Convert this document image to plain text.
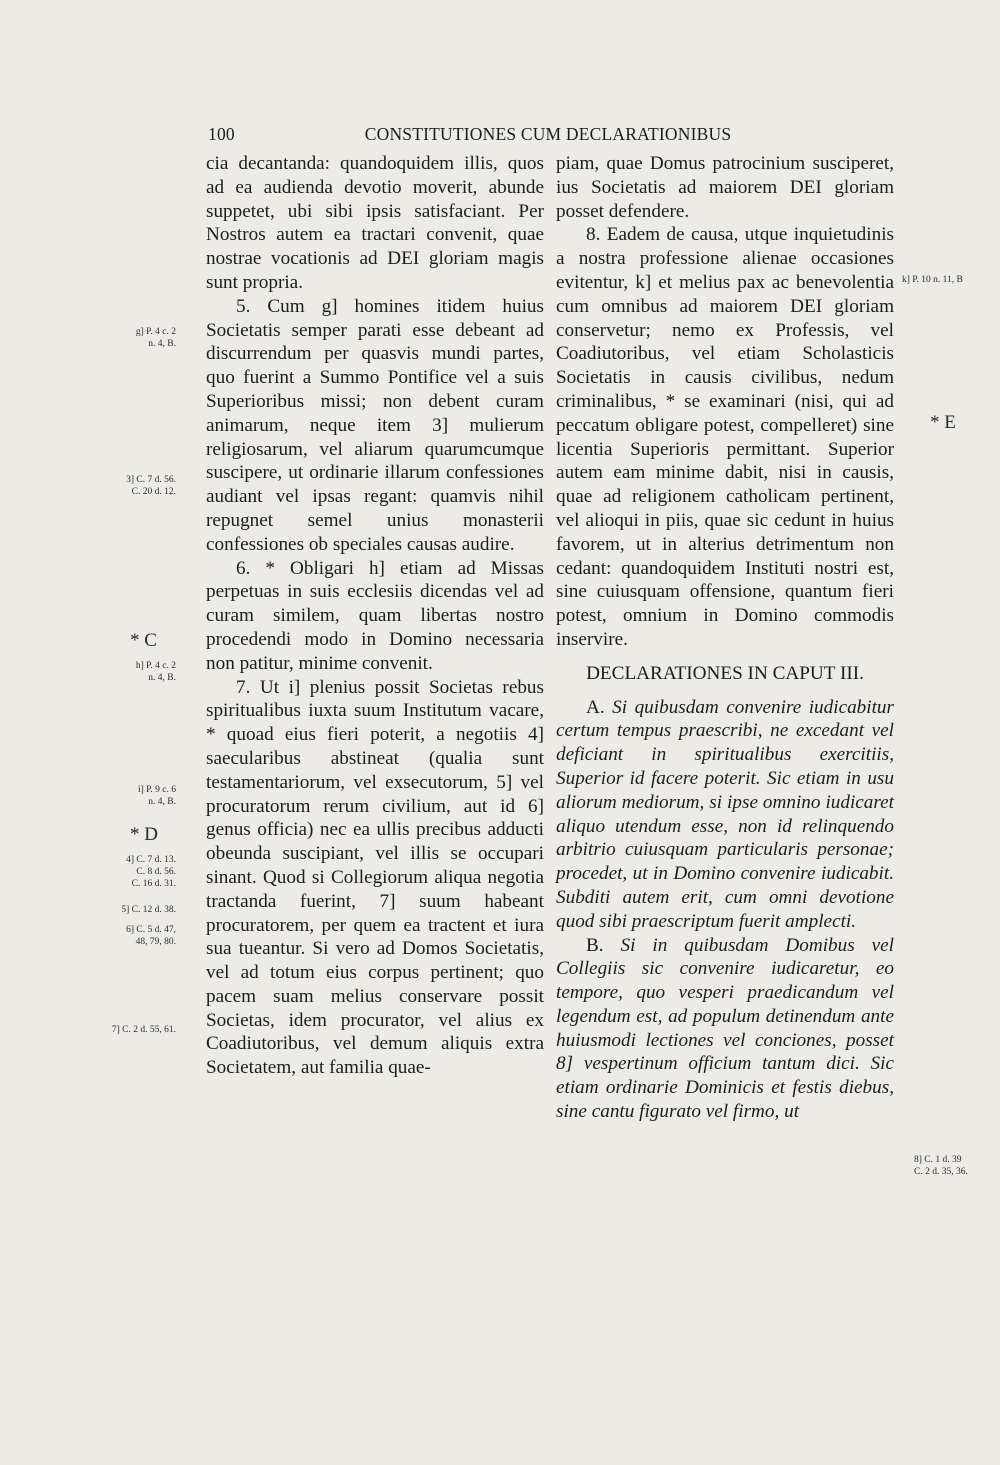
100	CONSTITUTIONES CUM DECLARATIONIBUS

cia decantanda: quandoquidem illis, quos ad ea audienda devotio moverit, abunde suppetet, ubi sibi ipsis satisfaciant. Per Nostros autem ea tractari convenit, quae nostrae vocationis ad DEI gloriam magis sunt propria.

5. Cum g] homines itidem huius Societatis semper parati esse debeant ad discurrendum per quasvis mundi partes, quo fuerint a Summo Pontifice vel a suis Superioribus missi; non debent curam animarum, neque item 3] mulierum religiosarum, vel aliarum quarumcumque suscipere, ut ordinarie illarum confessiones audiant vel ipsas regant: quamvis nihil repugnet semel unius monasterii confessiones ob speciales causas audire.

6. * Obligari h] etiam ad Missas perpetuas in suis ecclesiis dicendas vel ad curam similem, quam libertas nostro procedendi modo in Domino necessaria non patitur, minime convenit.

7. Ut i] plenius possit Societas rebus spiritualibus iuxta suum Institutum vacare, * quoad eius fieri poterit, a negotiis 4] saecularibus abstineat (qualia sunt testamentariorum, vel exsecutorum, 5] vel procuratorum rerum civilium, aut id 6] genus officia) nec ea ullis precibus adducti obeunda suscipiant, vel illis se occupari sinant. Quod si Collegiorum aliqua negotia tractanda fuerint, 7] suum habeant procuratorem, per quem ea tractent et iura sua tueantur. Si vero ad Domos Societatis, vel ad totum eius corpus pertinent; quo pacem suam melius conservare possit Societas, idem procurator, vel alius ex Coadiutoribus, vel demum aliquis extra Societatem, aut familia quae-

piam, quae Domus patrocinium susciperet, ius Societatis ad maiorem DEI gloriam posset defendere.

8. Eadem de causa, utque inquietudinis a nostra professione alienae occasiones evitentur, k] et melius pax ac benevolentia cum omnibus ad maiorem DEI gloriam conservetur; nemo ex Professis, vel Coadiutoribus, vel etiam Scholasticis Societatis in causis civilibus, nedum criminalibus, * se examinari (nisi, qui ad peccatum obligare potest, compelleret) sine licentia Superioris permittant. Superior autem eam minime dabit, nisi in causis, quae ad religionem catholicam pertinent, vel alioqui in piis, quae sic cedunt in huius favorem, ut in alterius detrimentum non cedant: quandoquidem Instituti nostri est, sine cuiusquam offensione, quantum fieri potest, omnium in Domino commodis inservire.

DECLARATIONES IN CAPUT III.

A. Si quibusdam convenire iudicabitur certum tempus praescribi, ne excedant vel deficiant in spiritualibus exercitiis, Superior id facere poterit. Sic etiam in usu aliorum mediorum, si ipse omnino iudicaret aliquo utendum esse, non id relinquendo arbitrio cuiusquam particularis personae; procedet, ut in Domino convenire iudicabit. Subditi autem erit, cum omni devotione quod sibi praescriptum fuerit amplecti.

B. Si in quibusdam Domibus vel Collegiis sic convenire iudicaretur, eo tempore, quo vesperi praedicandum vel legendum est, ad populum detinendum ante huiusmodi lectiones vel conciones, posset 8] vespertinum officium tantum dici. Sic etiam ordinarie Dominicis et festis diebus, sine cantu figurato vel firmo, ut

g] P. 4 c. 2
n. 4, B.
3] C. 7 d. 56.
C. 20 d. 12.
* C
h] P. 4 c. 2
n. 4, B.
i] P. 9 c. 6
n. 4, B.
* D
4] C. 7 d. 13.
C. 8 d. 56.
C. 16 d. 31.
5] C. 12 d. 38.
6] C. 5 d. 47,
48, 79, 80.
7] C. 2 d. 55, 61.
k] P. 10 n. 11, B
* E
8] C. 1 d. 39
C. 2 d. 35, 36.
